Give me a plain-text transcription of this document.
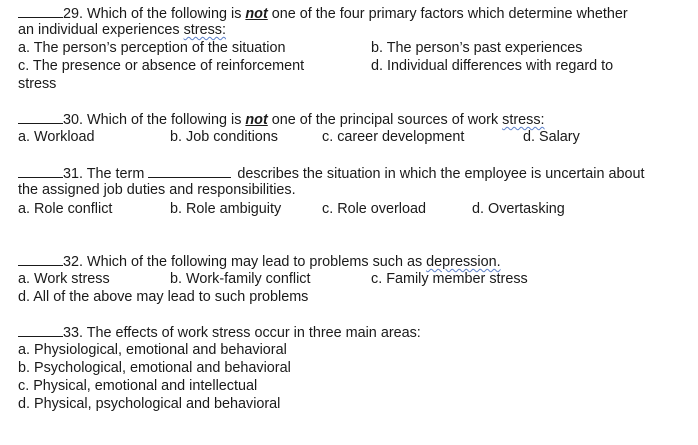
29. Which of the following is not one of the four primary factors which determine whether
an individual experiences stress:
a. The person’s perception of the situation	b. The person’s past experiences
c. The presence or absence of reinforcement	d. Individual differences with regard to
stress
30. Which of the following is not one of the principal sources of work stress:
a. Workload	b. Job conditions	c. career development	d. Salary
31. The term	describes the situation in which the employee is uncertain about
the assigned job duties and responsibilities.
a. Role conflict	b. Role ambiguity	c. Role overload	d. Overtasking
32. Which of the following may lead to problems such as depression.
a. Work stress	b. Work-family conflict	c. Family member stress
d. All of the above may lead to such problems
33. The effects of work stress occur in three main areas:
a. Physiological, emotional and behavioral
b. Psychological, emotional and behavioral
c. Physical, emotional and intellectual
d. Physical, psychological and behavioral
